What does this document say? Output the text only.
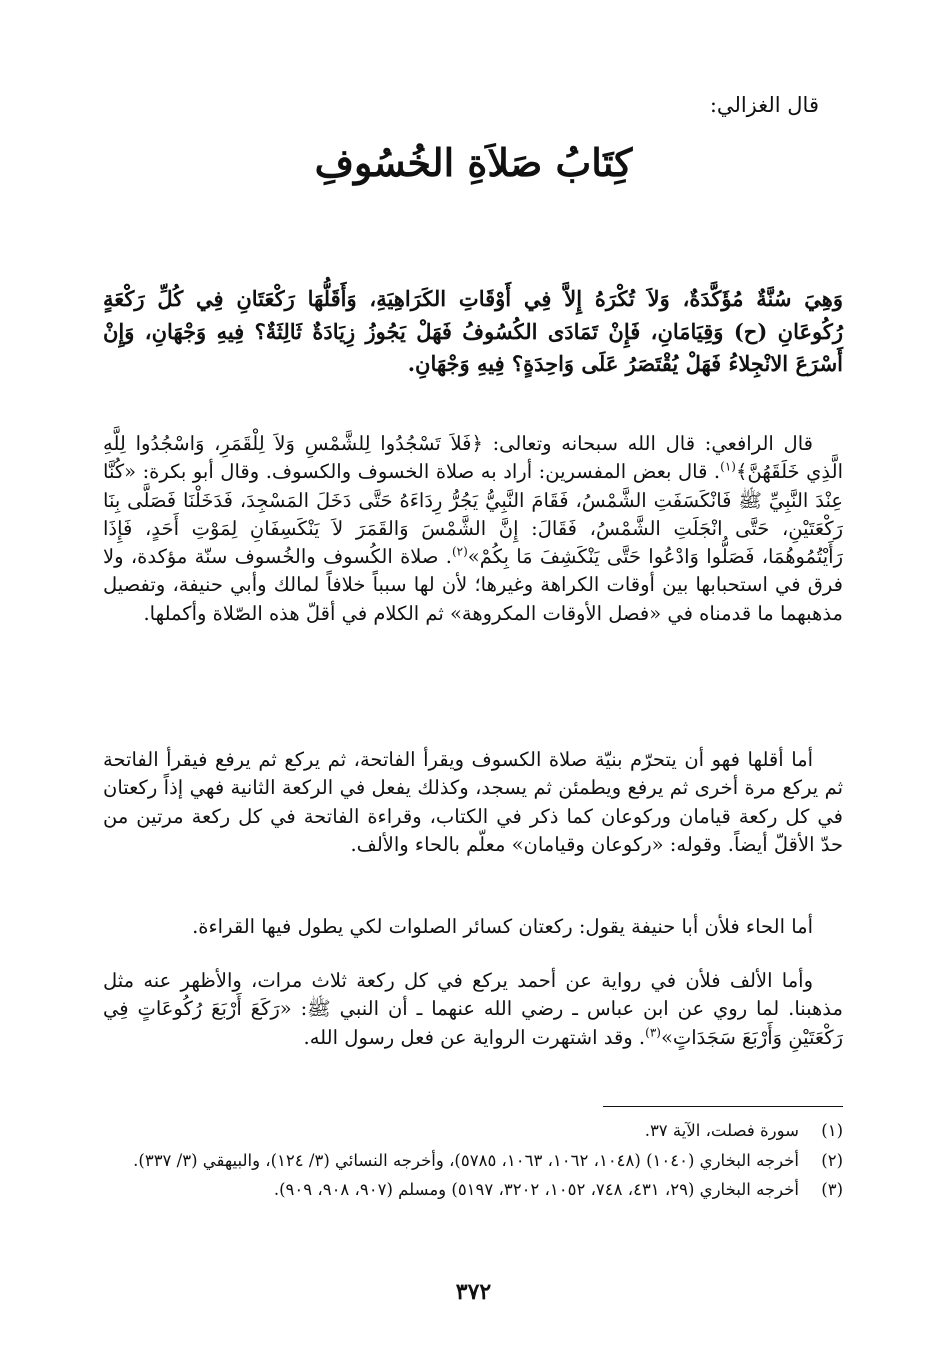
قال الغزالي:

كِتَابُ صَلاَةِ الخُسُوفِ

وَهِيَ سُنَّةٌ مُؤَكَّدَةٌ، وَلاَ تُكْرَهُ إِلاَّ فِي أَوْقَاتِ الكَرَاهِيَةِ، وَأَقَلُّهَا رَكْعَتَانِ فِي كُلِّ رَكْعَةٍ رُكُوعَانِ (ح) وَقِيَامَانِ، فَإِنْ تَمَادَى الكُسُوفُ فَهَلْ يَجُوزُ زِيَادَةٌ ثَالِثَةٌ؟ فِيهِ وَجْهَانِ، وَإِنْ أَسْرَعَ الانْجِلاءُ فَهَلْ يُقْتَصَرُ عَلَى وَاحِدَةٍ؟ فِيهِ وَجْهَانِ.

قال الرافعي: قال الله سبحانه وتعالى: ﴿فَلاَ تَسْجُدُوا لِلشَّمْسِ وَلاَ لِلْقَمَرِ، وَاسْجُدُوا لِلَّهِ الَّذِي خَلَقَهُنَّ﴾$^{(١)}$. قال بعض المفسرين: أراد به صلاة الخسوف والكسوف. وقال أبو بكرة: «كُنَّا عِنْدَ النَّبِيِّ ﷺ فَانْكَسَفَتِ الشَّمْسُ، فَقَامَ النَّبِيُّ يَجُرُّ رِدَاءَهُ حَتَّى دَخَلَ المَسْجِدَ، فَدَخَلْنَا فَصَلَّى بِنَا رَكْعَتَيْنِ، حَتَّى انْجَلَتِ الشَّمْسُ، فَقَالَ: إِنَّ الشَّمْسَ وَالقَمَرَ لاَ يَنْكَسِفَانِ لِمَوْتِ أَحَدٍ، فَإِذَا رَأَيْتُمُوهُمَا، فَصَلُّوا وَادْعُوا حَتَّى يَنْكَشِفَ مَا بِكُمْ»$^{(٢)}$. صلاة الكُسوف والخُسوف سنّة مؤكدة، ولا فرق في استحبابها بين أوقات الكراهة وغيرها؛ لأن لها سبباً خلافاً لمالك وأبي حنيفة، وتفصيل مذهبهما ما قدمناه في «فصل الأوقات المكروهة» ثم الكلام في أقلّ هذه الصّلاة وأكملها.

أما أقلها فهو أن يتحرّم بنيّة صلاة الكسوف ويقرأ الفاتحة، ثم يركع ثم يرفع فيقرأ الفاتحة ثم يركع مرة أخرى ثم يرفع ويطمئن ثم يسجد، وكذلك يفعل في الركعة الثانية فهي إذاً ركعتان في كل ركعة قيامان وركوعان كما ذكر في الكتاب، وقراءة الفاتحة في كل ركعة مرتين من حدّ الأقلّ أيضاً. وقوله: «ركوعان وقيامان» معلّم بالحاء والألف.

أما الحاء فلأن أبا حنيفة يقول: ركعتان كسائر الصلوات لكي يطول فيها القراءة.

وأما الألف فلأن في رواية عن أحمد يركع في كل ركعة ثلاث مرات، والأظهر عنه مثل مذهبنا. لما روي عن ابن عباس ـ رضي الله عنهما ـ أن النبي ﷺ: «رَكَعَ أَرْبَعَ رُكُوعَاتٍ فِي رَكْعَتَيْنِ وَأَرْبَعَ سَجَدَاتٍ»$^{(٣)}$. وقد اشتهرت الرواية عن فعل رسول الله.

(١)
سورة فصلت، الآية ٣٧.
(٢)
أخرجه البخاري (١٠٤٠) (١٠٤٨، ١٠٦٢، ١٠٦٣، ٥٧٨٥)، وأخرجه النسائي (٣/ ١٢٤)، والبيهقي (٣/ ٣٣٧).
(٣)
أخرجه البخاري (٢٩، ٤٣١، ٧٤٨، ١٠٥٢، ٣٢٠٢، ٥١٩٧) ومسلم (٩٠٧، ٩٠٨، ٩٠٩).

٣٧٢
